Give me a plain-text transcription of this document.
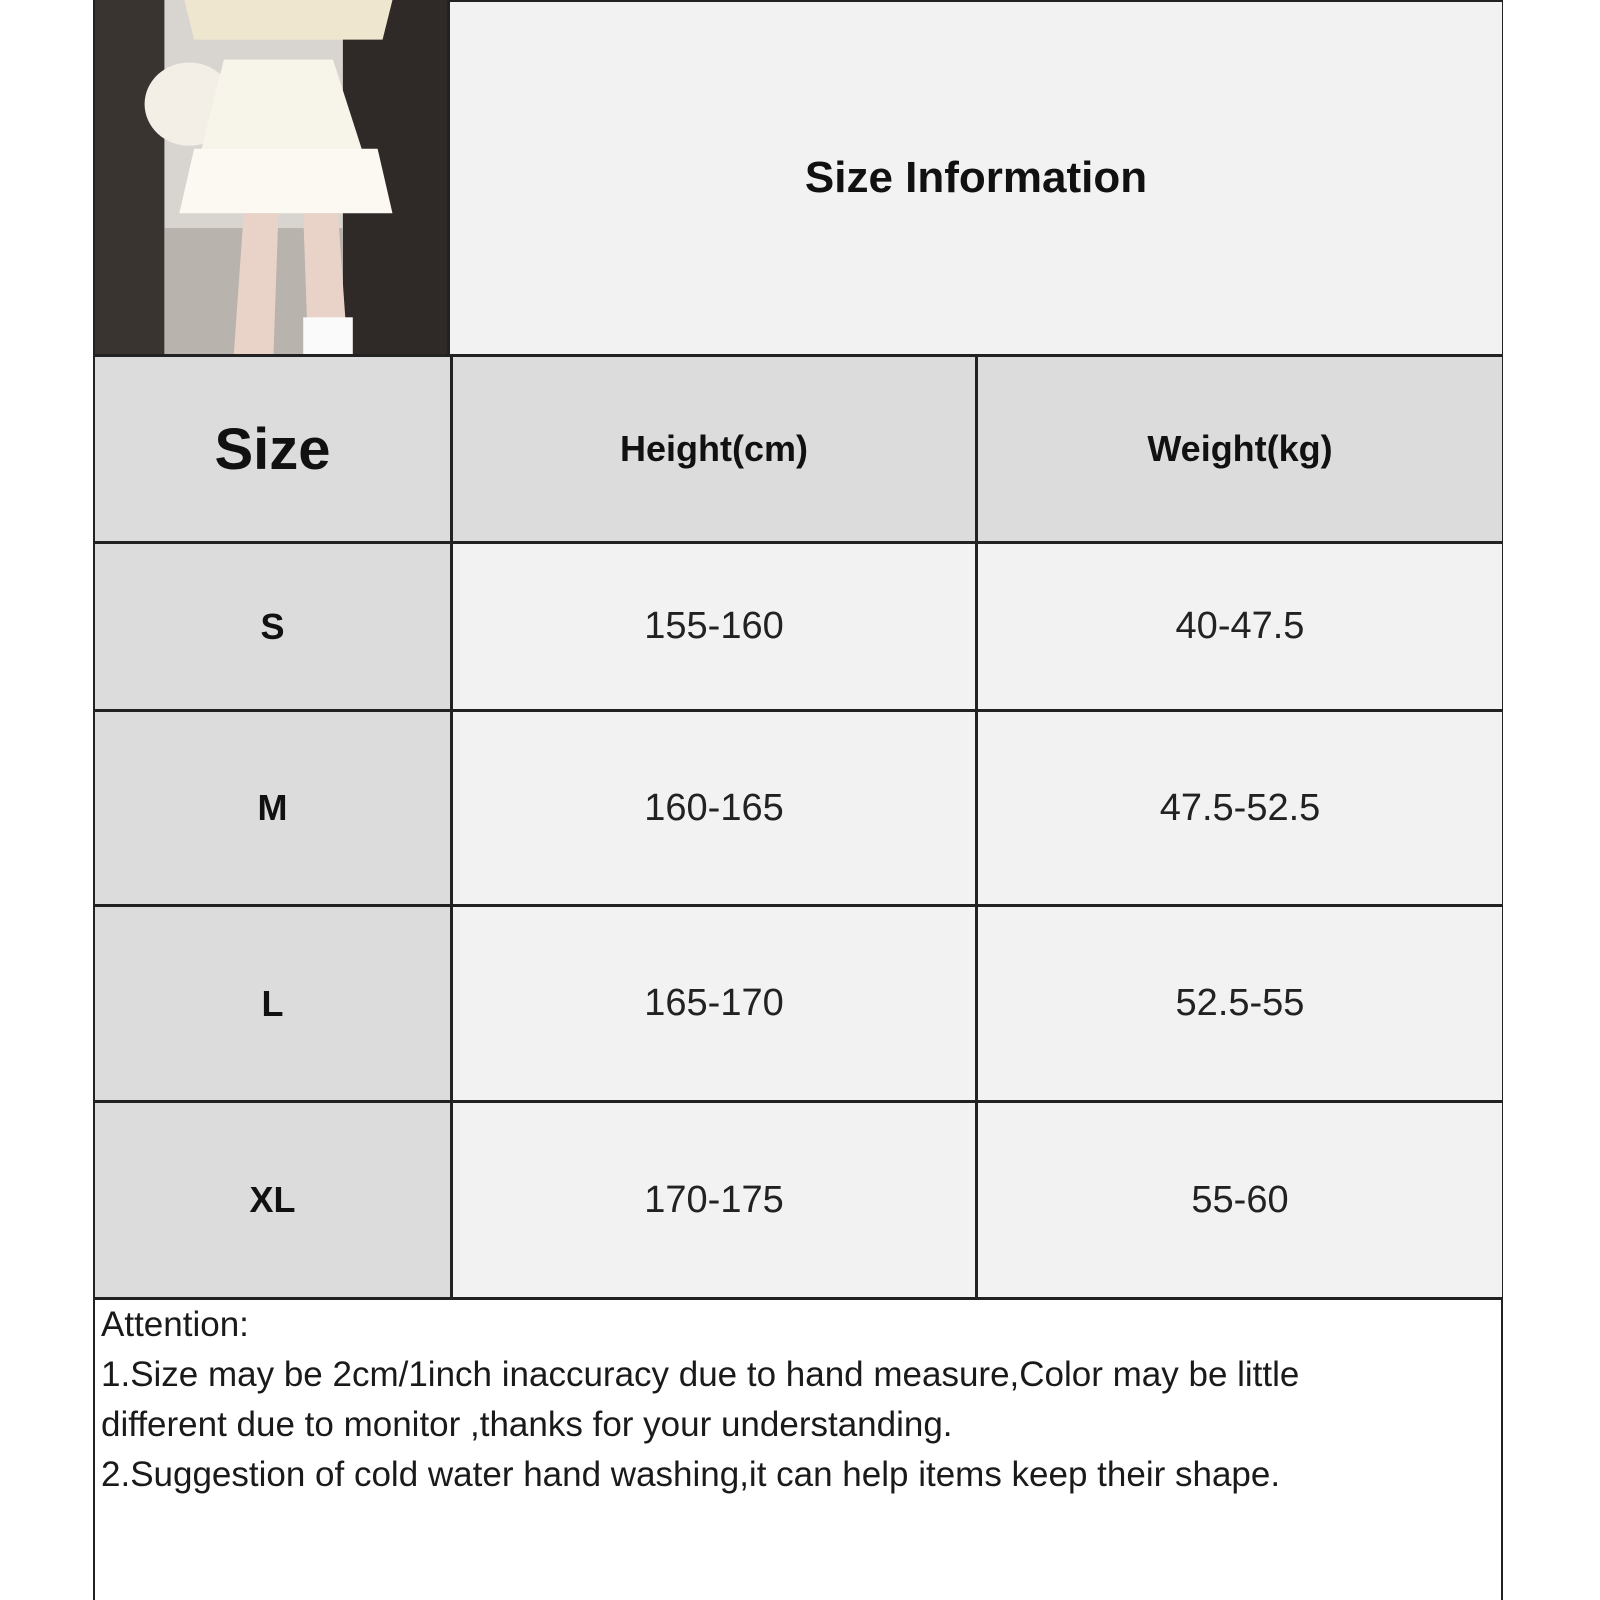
Size Information
Size	Height(cm)	Weight(kg)
S	155-160	40-47.5
M	160-165	47.5-52.5
L	165-170	52.5-55
XL	170-175	55-60
Attention:
1.Size may be 2cm/1inch inaccuracy due to hand measure,Color may be little
different due to monitor ,thanks for your understanding.
2.Suggestion of cold water hand washing,it can help items keep their shape.
